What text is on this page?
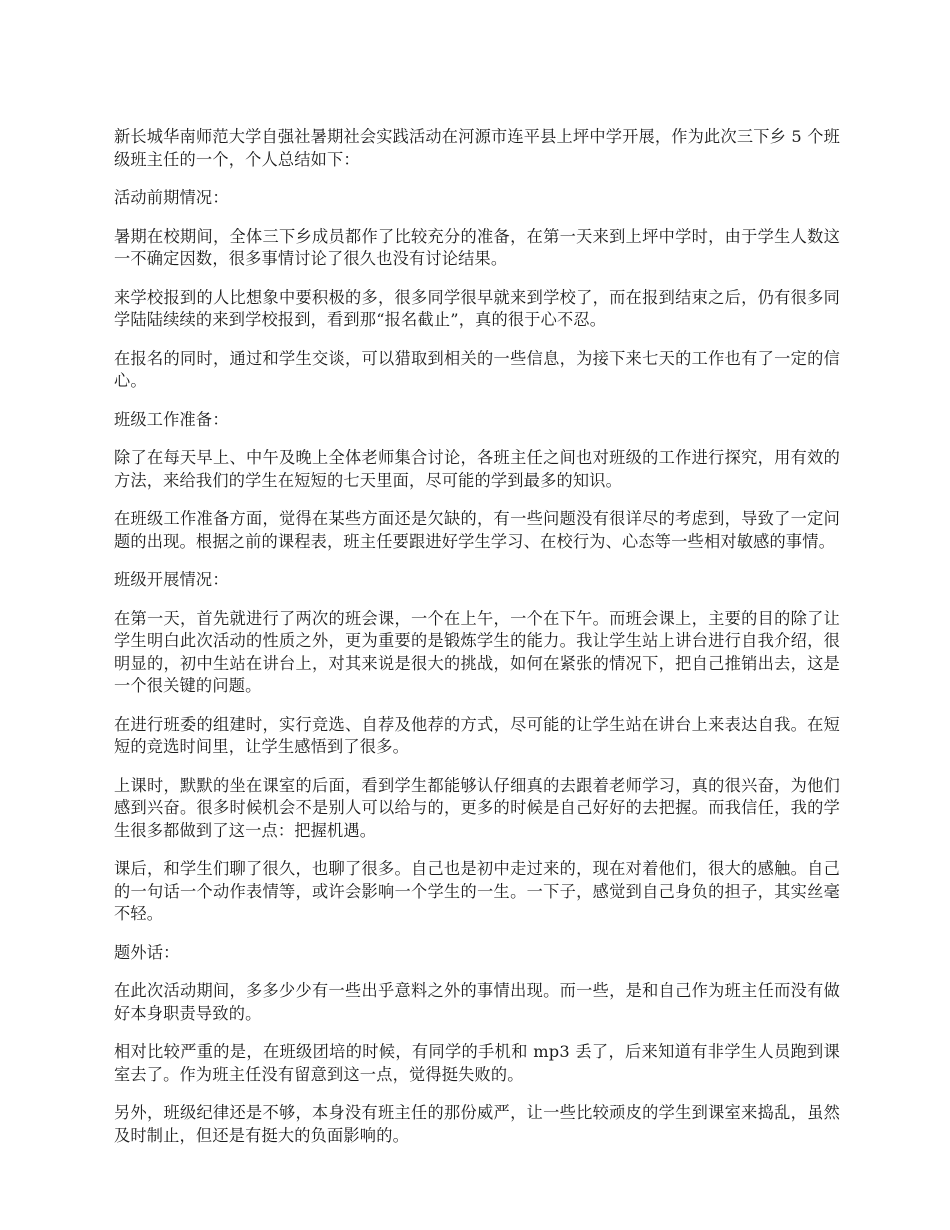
新长城华南师范大学自强社暑期社会实践活动在河源市连平县上坪中学开展，作为此次三下乡 5 个班级班主任的一个，个人总结如下：

活动前期情况：

暑期在校期间，全体三下乡成员都作了比较充分的准备，在第一天来到上坪中学时，由于学生人数这一不确定因数，很多事情讨论了很久也没有讨论结果。

来学校报到的人比想象中要积极的多，很多同学很早就来到学校了，而在报到结束之后，仍有很多同学陆陆续续的来到学校报到，看到那“报名截止”，真的很于心不忍。

在报名的同时，通过和学生交谈，可以猎取到相关的一些信息，为接下来七天的工作也有了一定的信心。

班级工作准备：

除了在每天早上、中午及晚上全体老师集合讨论，各班主任之间也对班级的工作进行探究，用有效的方法，来给我们的学生在短短的七天里面，尽可能的学到最多的知识。

在班级工作准备方面，觉得在某些方面还是欠缺的，有一些问题没有很详尽的考虑到，导致了一定问题的出现。根据之前的课程表，班主任要跟进好学生学习、在校行为、心态等一些相对敏感的事情。

班级开展情况：

在第一天，首先就进行了两次的班会课，一个在上午，一个在下午。而班会课上，主要的目的除了让学生明白此次活动的性质之外，更为重要的是锻炼学生的能力。我让学生站上讲台进行自我介绍，很明显的，初中生站在讲台上，对其来说是很大的挑战，如何在紧张的情况下，把自己推销出去，这是一个很关键的问题。

在进行班委的组建时，实行竞选、自荐及他荐的方式，尽可能的让学生站在讲台上来表达自我。在短短的竞选时间里，让学生感悟到了很多。

上课时，默默的坐在课室的后面，看到学生都能够认仔细真的去跟着老师学习，真的很兴奋，为他们感到兴奋。很多时候机会不是别人可以给与的，更多的时候是自己好好的去把握。而我信任，我的学生很多都做到了这一点：把握机遇。

课后，和学生们聊了很久，也聊了很多。自己也是初中走过来的，现在对着他们，很大的感触。自己的一句话一个动作表情等，或许会影响一个学生的一生。一下子，感觉到自己身负的担子，其实丝毫不轻。

题外话：

在此次活动期间，多多少少有一些出乎意料之外的事情出现。而一些，是和自己作为班主任而没有做好本身职责导致的。

相对比较严重的是，在班级团培的时候，有同学的手机和 mp3 丢了，后来知道有非学生人员跑到课室去了。作为班主任没有留意到这一点，觉得挺失败的。

另外，班级纪律还是不够，本身没有班主任的那份威严，让一些比较顽皮的学生到课室来捣乱，虽然及时制止，但还是有挺大的负面影响的。
